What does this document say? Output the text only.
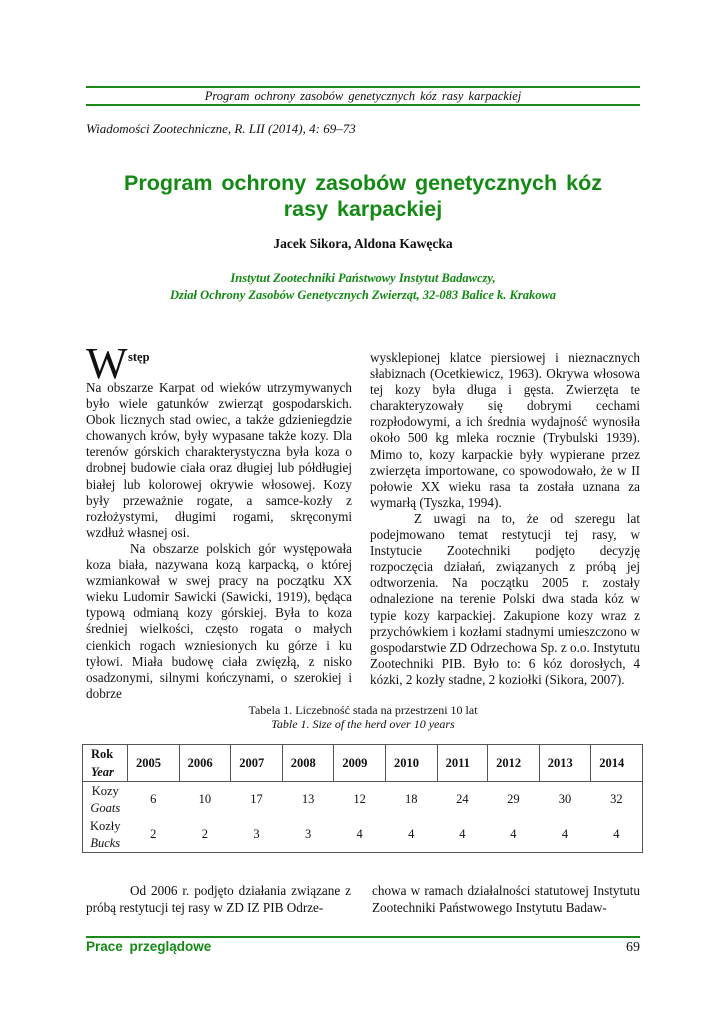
Program ochrony zasobów genetycznych kóz rasy karpackiej
Wiadomości Zootechniczne, R. LII (2014), 4: 69–73
Program ochrony zasobów genetycznych kóz
rasy karpackiej
Jacek Sikora, Aldona Kawęcka
Instytut Zootechniki Państwowy Instytut Badawczy,
Dział Ochrony Zasobów Genetycznych Zwierząt, 32-083 Balice k. Krakowa
W stęp

Na obszarze Karpat od wieków utrzymywanych było wiele gatunków zwierząt gospodarskich. Obok licznych stad owiec, a także gdzieniegdzie chowanych krów, były wypasane także kozy. Dla terenów górskich charakterystyczna była koza o drobnej budowie ciała oraz długiej lub półdługiej białej lub kolorowej okrywie włosowej. Kozy były przeważnie rogate, a samce-kozły z rozłożystymi, długimi rogami, skręconymi wzdłuż własnej osi.

Na obszarze polskich gór występowała koza biała, nazywana kozą karpacką, o której wzmiankował w swej pracy na początku XX wieku Ludomir Sawicki (Sawicki, 1919), będąca typową odmianą kozy górskiej. Była to koza średniej wielkości, często rogata o małych cienkich rogach wzniesionych ku górze i ku tyłowi. Miała budowę ciała zwięzłą, z nisko osadzonymi, silnymi kończynami, o szerokiej i dobrze

wysklepionej klatce piersiowej i nieznacznych słabiznach (Ocetkiewicz, 1963). Okrywa włosowa tej kozy była długa i gęsta. Zwierzęta te charakteryzowały się dobrymi cechami rozpłodowymi, a ich średnia wydajność wynosiła około 500 kg mleka rocznie (Trybulski 1939). Mimo to, kozy karpackie były wypierane przez zwierzęta importowane, co spowodowało, że w II połowie XX wieku rasa ta została uznana za wymarłą (Tyszka, 1994).

Z uwagi na to, że od szeregu lat podejmowano temat restytucji tej rasy, w Instytucie Zootechniki podjęto decyzję rozpoczęcia działań, związanych z próbą jej odtworzenia. Na początku 2005 r. zostały odnalezione na terenie Polski dwa stada kóz w typie kozy karpackiej. Zakupione kozy wraz z przychówkiem i kozłami stadnymi umieszczono w gospodarstwie ZD Odrzechowa Sp. z o.o. Instytutu Zootechniki PIB. Było to: 6 kóz dorosłych, 4 kózki, 2 kozły stadne, 2 koziołki (Sikora, 2007).

Tabela 1. Liczebność stada na przestrzeni 10 lat
Table 1. Size of the herd over 10 years
Rok
Year	2005	2006	2007	2008	2009	2010	2011	2012	2013	2014

Kozy
Goats	6	10	17	13	12	18	24	29	30	32

Kozły
Bucks	2	2	3	3	4	4	4	4	4	4

Od 2006 r. podjęto działania związane z próbą restytucji tej rasy w ZD IZ PIB Odrze-

chowa w ramach działalności statutowej Instytutu Zootechniki Państwowego Instytutu Badaw-

Prace przeglądowe	69
